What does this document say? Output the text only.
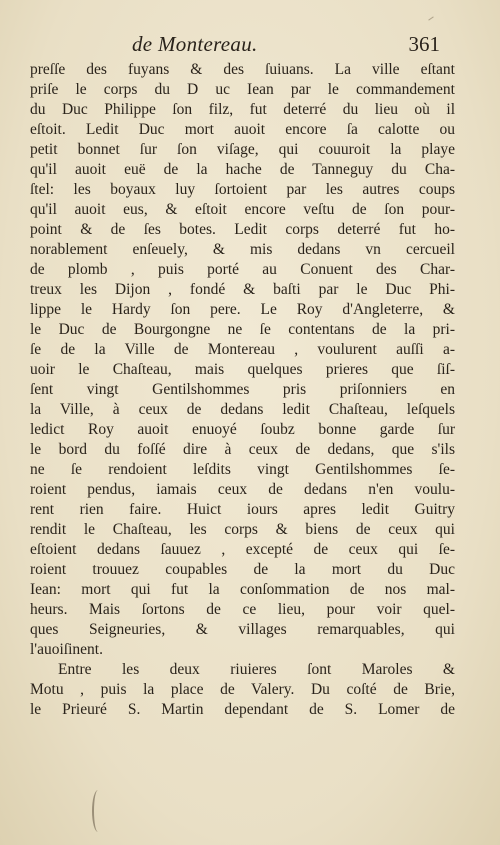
de Montereau.	361
preſſe des fuyans & des ſuiuans. La ville eſtant
priſe le corps du D uc Iean par le commandement
du Duc Philippe ſon filz, fut deterré du lieu où il
eſtoit. Ledit Duc mort auoit encore ſa calotte ou
petit bonnet ſur ſon viſage, qui couuroit la playe
qu'il auoit euë de la hache de Tanneguy du Cha-
ſtel: les boyaux luy ſortoient par les autres coups
qu'il auoit eus, & eſtoit encore veſtu de ſon pour-
point & de ſes botes. Ledit corps deterré fut ho-
norablement enſeuely, & mis dedans vn cercueil
de plomb , puis porté au Conuent des Char-
treux les Dijon , fondé & baſti par le Duc Phi-
lippe le Hardy ſon pere. Le Roy d'Angleterre, &
le Duc de Bourgongne ne ſe contentans de la pri-
ſe de la Ville de Montereau , voulurent auſſi a-
uoir le Chaſteau, mais quelques prieres que ſiſ-
ſent vingt Gentilshommes pris priſonniers en
la Ville, à ceux de dedans ledit Chaſteau, leſquels
ledict Roy auoit enuoyé ſoubz bonne garde ſur
le bord du foſſé dire à ceux de dedans, que s'ils
ne ſe rendoient leſdits vingt Gentilshommes ſe-
roient pendus, iamais ceux de dedans n'en voulu-
rent rien faire. Huict iours apres ledit Guitry
rendit le Chaſteau, les corps & biens de ceux qui
eſtoient dedans ſauuez , excepté de ceux qui ſe-
roient trouuez coupables de la mort du Duc
Iean: mort qui fut la conſommation de nos mal-
heurs. Mais ſortons de ce lieu, pour voir quel-
ques Seigneuries, & villages remarquables, qui
l'auoiſinent.
Entre les deux riuieres ſont Maroles &
Motu , puis la place de Valery. Du coſté de Brie,
le Prieuré S. Martin dependant de S. Lomer de
